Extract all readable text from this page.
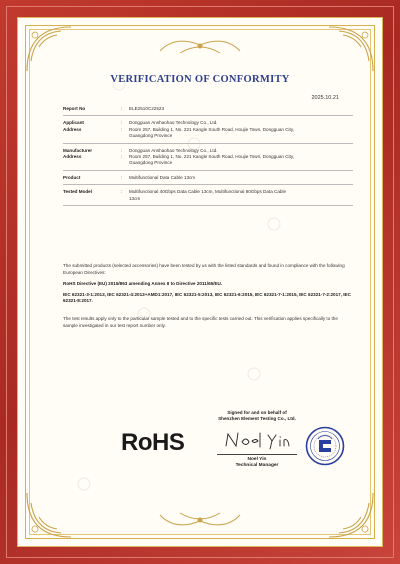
VERIFICATION OF CONFORMITY
2025.10.21
Report No	:	ELE2510C22523
Applicant	:	Dongguan Anshaohao Technology Co., Ltd.
Address	:	Room 257, Building 1, No. 221 Kangle South Road, Houjie Town, Dongguan City,
Guangdong Province
Manufacturer	:	Dongguan Anshaohao Technology Co., Ltd.
Address	:	Room 257, Building 1, No. 221 Kangle South Road, Houjie Town, Dongguan City,
Guangdong Province
Product	:	Multifunctional Data Cable 13cm
Tested Model	:	Multifunctional 40Gbps Data Cable 13cm, Multifunctional 80Gbps Data Cable
13cm

The submitted products (selected accessories) have been tested by us with the listed standards and found in compliance with the following European Directives:

RoHS Directive (EU) 2015/863 amending Annex II to Directive 2011/65/EU.

IEC 62321-3-1:2013, IEC 62321-4:2013+AMD1:2017, IEC 62321-5:2013, IEC 62321-6:2015, IEC 62321-7-1:2015, IEC 62321-7-2:2017, IEC 62321-8:2017.

The test results apply only to the particular sample tested and to the specific tests carried out. This verification applies specifically to the sample investigated in our test report number only.

RoHS
Signed for and on behalf of
Shenzhen Element Testing Co., Ltd.
Noel Yin
Technical Manager
